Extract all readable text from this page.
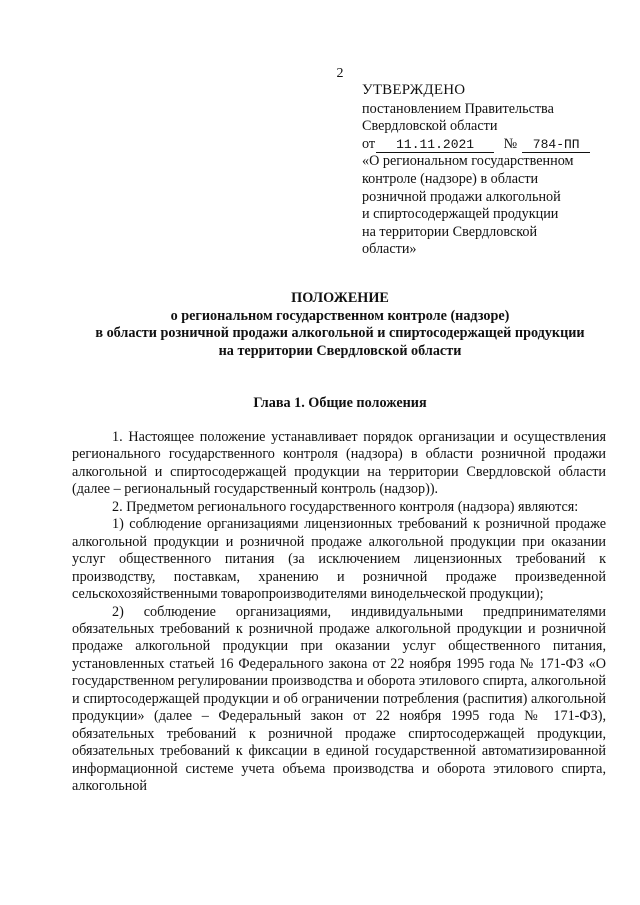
2
УТВЕРЖДЕНО
постановлением Правительства
Свердловской области
от 11.11.2021 № 784-ПП
«О региональном государственном
контроле (надзоре) в области
розничной продажи алкогольной
и спиртосодержащей продукции
на территории Свердловской
области»
ПОЛОЖЕНИЕ
о региональном государственном контроле (надзоре)
в области розничной продажи алкогольной и спиртосодержащей продукции
на территории Свердловской области
Глава 1. Общие положения

1. Настоящее положение устанавливает порядок организации и осуществления регионального государственного контроля (надзора) в области розничной продажи алкогольной и спиртосодержащей продукции на территории Свердловской области (далее – региональный государственный контроль (надзор)).

2. Предметом регионального государственного контроля (надзора) являются:

1) соблюдение организациями лицензионных требований к розничной продаже алкогольной продукции и розничной продаже алкогольной продукции при оказании услуг общественного питания (за исключением лицензионных требований к производству, поставкам, хранению и розничной продаже произведенной сельскохозяйственными товаропроизводителями винодельческой продукции);

2) соблюдение организациями, индивидуальными предпринимателями обязательных требований к розничной продаже алкогольной продукции и розничной продаже алкогольной продукции при оказании услуг общественного питания, установленных статьей 16 Федерального закона от 22 ноября 1995 года № 171-ФЗ «О государственном регулировании производства и оборота этилового спирта, алкогольной и спиртосодержащей продукции и об ограничении потребления (распития) алкогольной продукции» (далее – Федеральный закон от 22 ноября 1995 года № 171-ФЗ), обязательных требований к розничной продаже спиртосодержащей продукции, обязательных требований к фиксации в единой государственной автоматизированной информационной системе учета объема производства и оборота этилового спирта, алкогольной
